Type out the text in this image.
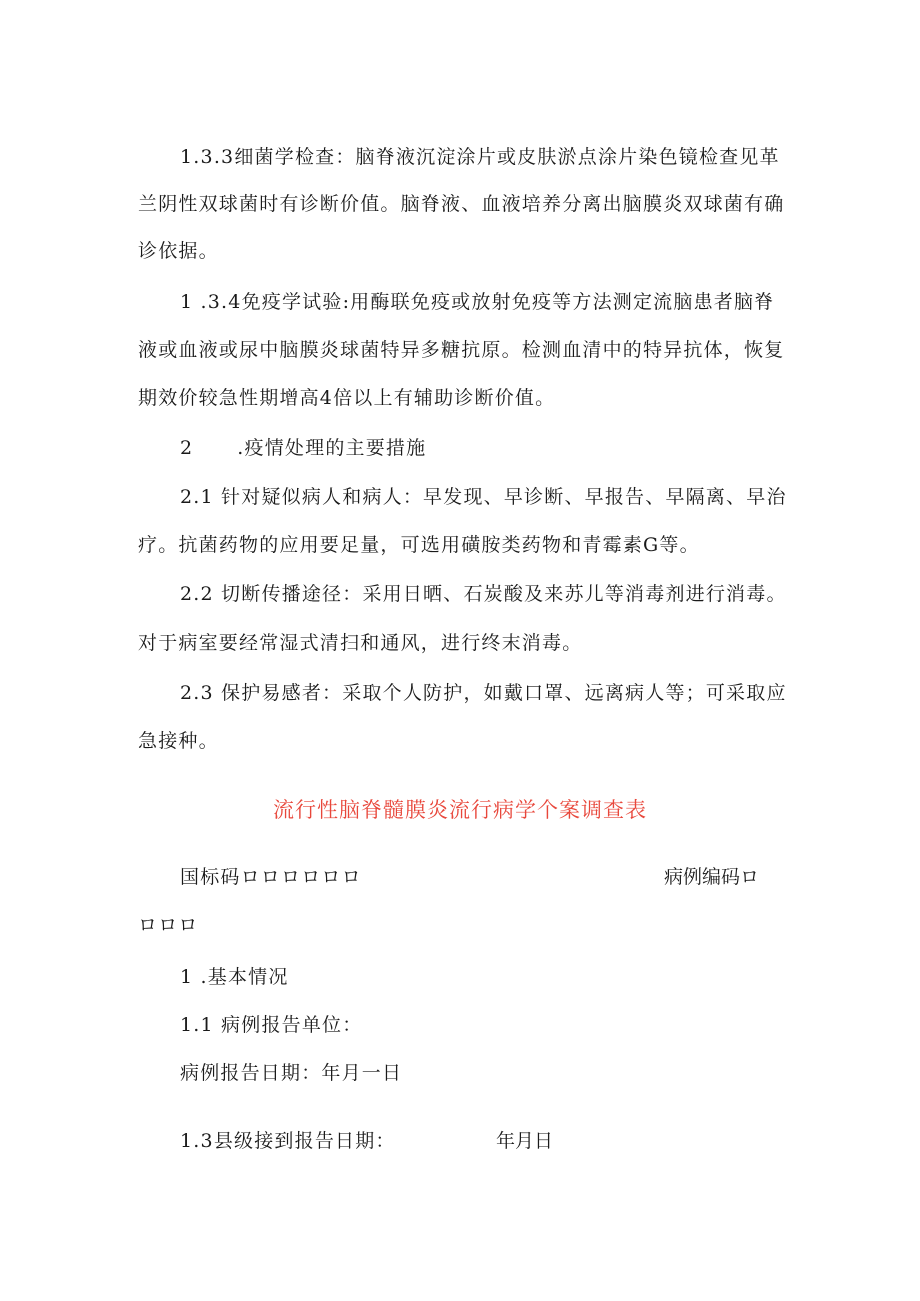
1.3.3细菌学检查：脑脊液沉淀涂片或皮肤淤点涂片染色镜检查见革
兰阴性双球菌时有诊断价值。脑脊液、血液培养分离出脑膜炎双球菌有确
诊依据。
1 .3.4免疫学试验:用酶联免疫或放射免疫等方法测定流脑患者脑脊
液或血液或尿中脑膜炎球菌特异多糖抗原。检测血清中的特异抗体，恢复
期效价较急性期增高4倍以上有辅助诊断价值。
2 .疫情处理的主要措施
2.1 针对疑似病人和病人：早发现、早诊断、早报告、早隔离、早治
疗。抗菌药物的应用要足量，可选用磺胺类药物和青霉素G等。
2.2 切断传播途径：采用日晒、石炭酸及来苏儿等消毒剂进行消毒。
对于病室要经常湿式清扫和通风，进行终末消毒。
2.3 保护易感者：采取个人防护，如戴口罩、远离病人等；可采取应
急接种。
流行性脑脊髓膜炎流行病学个案调查表
国标码ロロロロロロ	病例编码ロ
ロロロ
1 .基本情况
1.1 病例报告单位：
病例报告日期：年月一日
1.3县级接到报告日期：	年月日
